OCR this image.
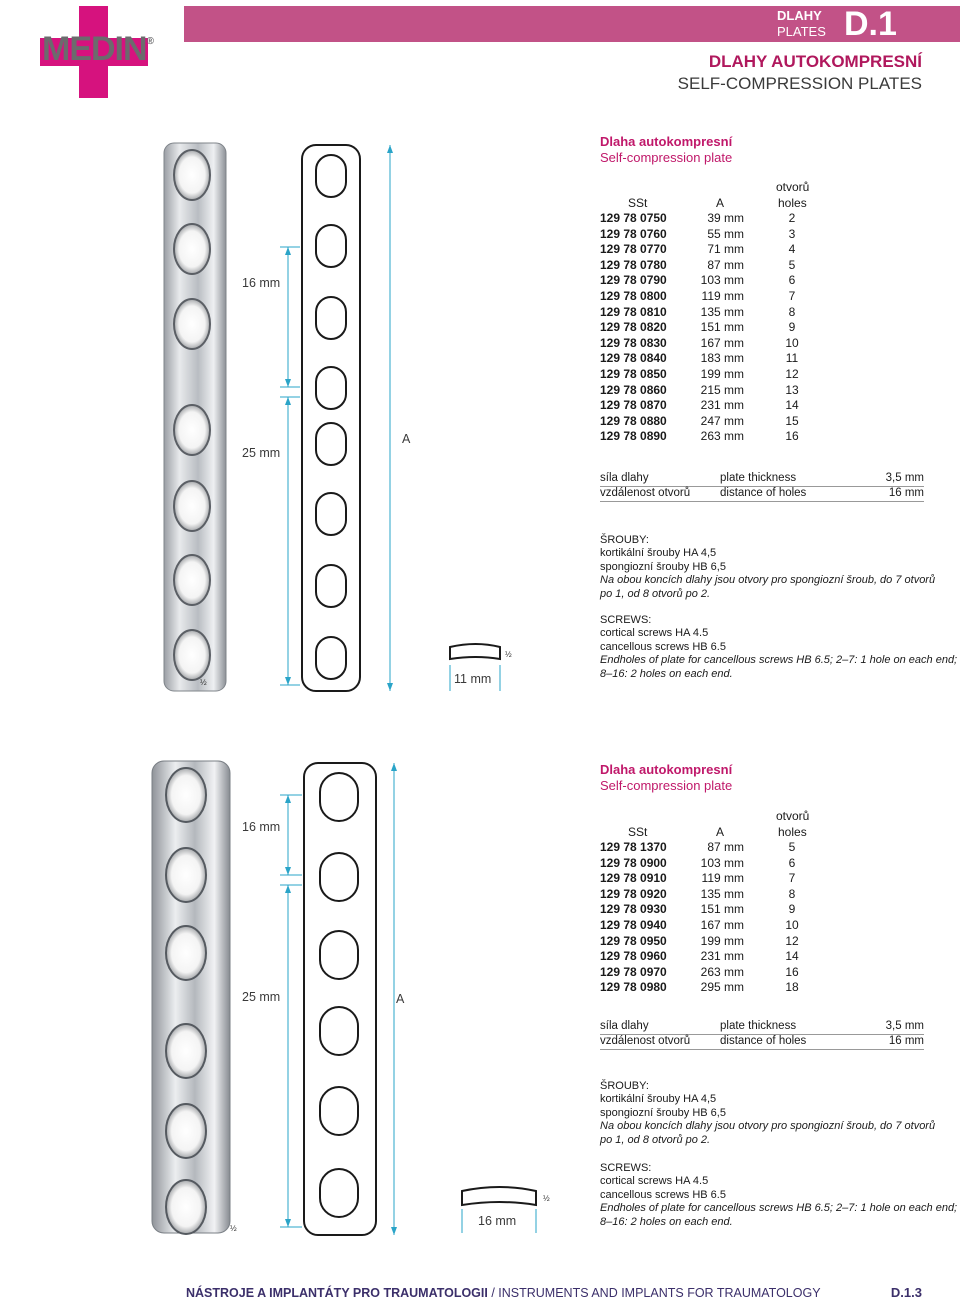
MEDIN®
DLAHY
PLATES D.1
DLAHY AUTOKOMPRESNÍ
SELF-COMPRESSION PLATES
16 mm
25 mm
A
11 mm
½
½
Dlaha autokompresní
Self-compression plate
otvorů
SSt	A	holes
129 78 0750	39 mm	2
129 78 0760	55 mm	3
129 78 0770	71 mm	4
129 78 0780	87 mm	5
129 78 0790	103 mm	6
129 78 0800	119 mm	7
129 78 0810	135 mm	8
129 78 0820	151 mm	9
129 78 0830	167 mm	10
129 78 0840	183 mm	11
129 78 0850	199 mm	12
129 78 0860	215 mm	13
129 78 0870	231 mm	14
129 78 0880	247 mm	15
129 78 0890	263 mm	16
síla dlahy	plate thickness	3,5 mm
vzdálenost otvorů	distance of holes	16 mm
ŠROUBY:
kortikální šrouby HA 4,5
spongiozní šrouby HB 6,5
Na obou koncích dlahy jsou otvory pro spongiozní šroub, do 7 otvorů
po 1, od 8 otvorů po 2.
SCREWS:
cortical screws HA 4.5
cancellous screws HB 6.5
Endholes of plate for cancellous screws HB 6.5; 2–7: 1 hole on each end;
8–16: 2 holes on each end.
16 mm
25 mm	A
16 mm
½
½
Dlaha autokompresní
Self-compression plate
otvorů
SSt	A	holes
129 78 1370	87 mm	5
129 78 0900	103 mm	6
129 78 0910	119 mm	7
129 78 0920	135 mm	8
129 78 0930	151 mm	9
129 78 0940	167 mm	10
129 78 0950	199 mm	12
129 78 0960	231 mm	14
129 78 0970	263 mm	16
129 78 0980	295 mm	18
síla dlahy	plate thickness	3,5 mm
vzdálenost otvorů	distance of holes	16 mm
ŠROUBY:
kortikální šrouby HA 4,5
spongiozní šrouby HB 6,5
Na obou koncích dlahy jsou otvory pro spongiozní šroub, do 7 otvorů
po 1, od 8 otvorů po 2.
SCREWS:
cortical screws HA 4.5
cancellous screws HB 6.5
Endholes of plate for cancellous screws HB 6.5; 2–7: 1 hole on each end;
8–16: 2 holes on each end.
NÁSTROJE A IMPLANTÁTY PRO TRAUMATOLOGII / INSTRUMENTS AND IMPLANTS FOR TRAUMATOLOGY	D.1.3
